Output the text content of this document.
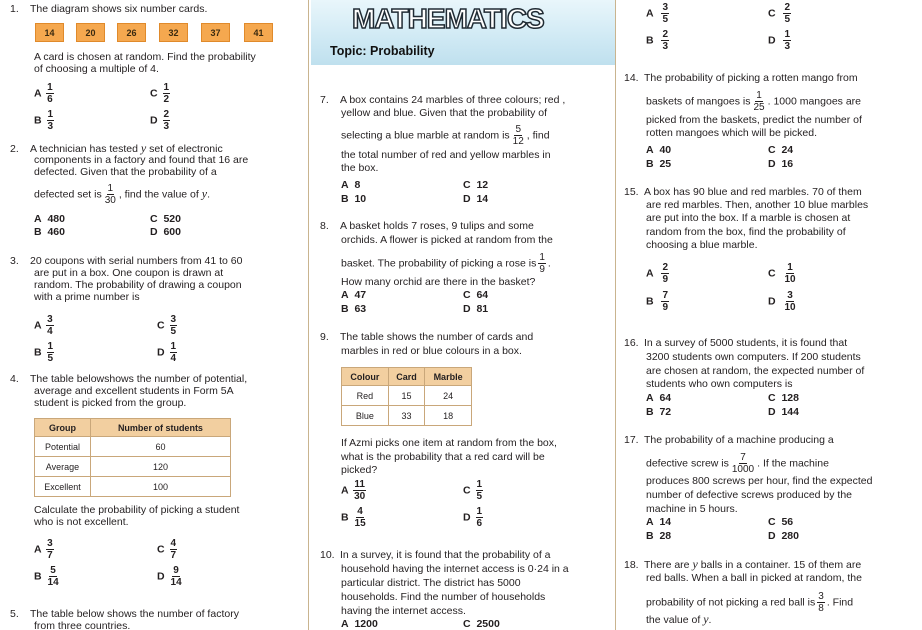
MATHEMATICS
Topic: Probability
1. The diagram shows six number cards.
14	20	26	32	37	41
A card is chosen at random. Find the probability
of choosing a multiple of 4.
A $\frac{1}{6}$	C $\frac{1}{2}$
B $\frac{1}{3}$	D $\frac{2}{3}$
2. A technician has tested y set of electronic
components in a factory and found that 16 are
defected. Given that the probability of a
defected set is $\frac{1}{30}$ , find the value of y.
A 480	C 520
B 460	D 600
3. 20 coupons with serial numbers from 41 to 60
are put in a box. One coupon is drawn at
random. The probability of drawing a coupon
with a prime number is
A $\frac{3}{4}$	C $\frac{3}{5}$
B $\frac{1}{5}$	D $\frac{1}{4}$
4. The table belowshows the number of potential,
average and excellent students in Form 5A
student is picked from the group.
Group	Number of students
Potential	60
Average	120
Excellent	100
Calculate the probability of picking a student
who is not excellent.
A $\frac{3}{7}$	C $\frac{4}{7}$
B $\frac{5}{14}$	D $\frac{9}{14}$
5. The table below shows the number of factory
from three countries.
7. A box contains 24 marbles of three colours; red ,
yellow and blue. Given that the probability of
selecting a blue marble at random is $\frac{5}{12}$ , find
the total number of red and yellow marbles in
the box.
A 8	C 12
B 10	D 14
8. A basket holds 7 roses, 9 tulips and some
orchids. A flower is picked at random from the
basket. The probability of picking a rose is $\frac{1}{9}$ .
How many orchid are there in the basket?
A 47	C 64
B 63	D 81
9. The table shows the number of cards and
marbles in red or blue colours in a box.
Colour	Card	Marble
Red	15	24
Blue	33	18
If Azmi picks one item at random from the box,
what is the probability that a red card will be
picked?
A $\frac{11}{30}$	C $\frac{1}{5}$
B $\frac{4}{15}$	D $\frac{1}{6}$
10. In a survey, it is found that the probability of a
household having the internet access is 0·24 in a
particular district. The district has 5000
households. Find the number of households
having the internet access.
A 1200	C 2500
A $\frac{3}{5}$	C $\frac{2}{5}$
B $\frac{2}{3}$	D $\frac{1}{3}$
14. The probability of picking a rotten mango from
baskets of mangoes is $\frac{1}{25}$ . 1000 mangoes are
picked from the baskets, predict the number of
rotten mangoes which will be picked.
A 40	C 24
B 25	D 16
15. A box has 90 blue and red marbles. 70 of them
are red marbles. Then, another 10 blue marbles
are put into the box. If a marble is chosen at
random from the box, find the probability of
choosing a blue marble.
A $\frac{2}{9}$	C $\frac{1}{10}$
B $\frac{7}{9}$	D $\frac{3}{10}$
16. In a survey of 5000 students, it is found that
3200 students own computers. If 200 students
are chosen at random, the expected number of
students who own computers is
A 64	C 128
B 72	D 144
17. The probability of a machine producing a
defective screw is $\frac{7}{1000}$ . If the machine
produces 800 screws per hour, find the expected
number of defective screws produced by the
machine in 5 hours.
A 14	C 56
B 28	D 280
18. There are y balls in a container. 15 of them are
red balls. When a ball in picked at random, the
probability of not picking a red ball is $\frac{3}{8}$ . Find
the value of y.
